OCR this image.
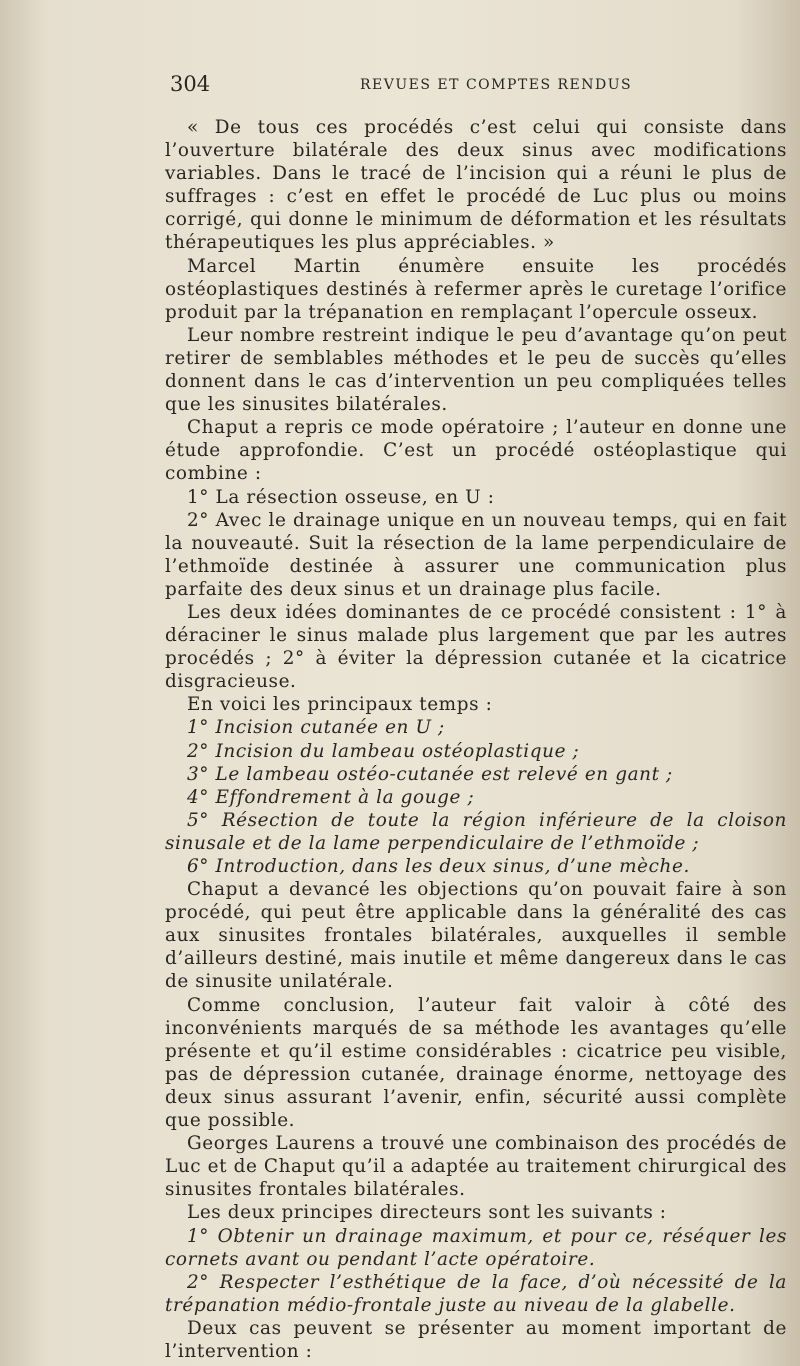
304	REVUES ET COMPTES RENDUS

« De tous ces procédés c’est celui qui consiste dans l’ouverture bilatérale des deux sinus avec modifications variables. Dans le tracé de l’incision qui a réuni le plus de suffrages : c’est en effet le procédé de Luc plus ou moins corrigé, qui donne le minimum de déformation et les résultats thérapeutiques les plus appréciables. »

Marcel Martin énumère ensuite les procédés ostéoplastiques destinés à refermer après le curetage l’orifice produit par la trépanation en remplaçant l’opercule osseux.

Leur nombre restreint indique le peu d’avantage qu’on peut retirer de semblables méthodes et le peu de succès qu’elles donnent dans le cas d’intervention un peu compliquées telles que les sinusites bilatérales.

Chaput a repris ce mode opératoire ; l’auteur en donne une étude approfondie. C’est un procédé ostéoplastique qui combine :

1° La résection osseuse, en U :

2° Avec le drainage unique en un nouveau temps, qui en fait la nouveauté. Suit la résection de la lame perpendiculaire de l’ethmoïde destinée à assurer une communication plus parfaite des deux sinus et un drainage plus facile.

Les deux idées dominantes de ce procédé consistent : 1° à déraciner le sinus malade plus largement que par les autres procédés ; 2° à éviter la dépression cutanée et la cicatrice disgracieuse.

En voici les principaux temps :

1° Incision cutanée en U ;

2° Incision du lambeau ostéoplastique ;

3° Le lambeau ostéo-cutanée est relevé en gant ;

4° Effondrement à la gouge ;

5° Résection de toute la région inférieure de la cloison sinusale et de la lame perpendiculaire de l’ethmoïde ;

6° Introduction, dans les deux sinus, d’une mèche.

Chaput a devancé les objections qu’on pouvait faire à son procédé, qui peut être applicable dans la généralité des cas aux sinusites frontales bilatérales, auxquelles il semble d’ailleurs destiné, mais inutile et même dangereux dans le cas de sinusite unilatérale.

Comme conclusion, l’auteur fait valoir à côté des inconvénients marqués de sa méthode les avantages qu’elle présente et qu’il estime considérables : cicatrice peu visible, pas de dépression cutanée, drainage énorme, nettoyage des deux sinus assurant l’avenir, enfin, sécurité aussi complète que possible.

Georges Laurens a trouvé une combinaison des procédés de Luc et de Chaput qu’il a adaptée au traitement chirurgical des sinusites frontales bilatérales.

Les deux principes directeurs sont les suivants :

1° Obtenir un drainage maximum, et pour ce, réséquer les cornets avant ou pendant l’acte opératoire.

2° Respecter l’esthétique de la face, d’où nécessité de la trépanation médio-frontale juste au niveau de la glabelle.

Deux cas peuvent se présenter au moment important de l’intervention :
